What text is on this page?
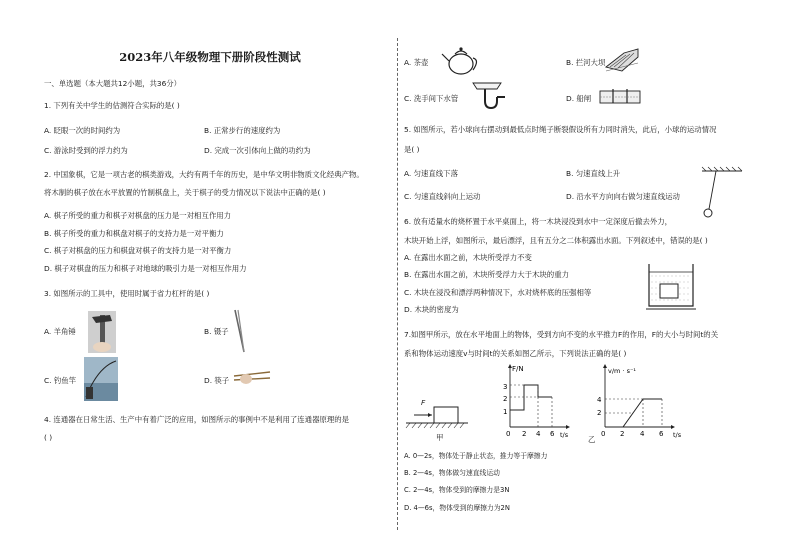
2023年八年级物理下册阶段性测试
一、单选题（本大题共12小题，共36分）
1. 下列有关中学生的估测符合实际的是( )
A. 眨眼一次的时间约为	B. 正常步行的速度约为
C. 游泳时受到的浮力约为	D. 完成一次引体向上做的功约为
2. 中国象棋，它是一项古老的棋类游戏，大约有两千年的历史，是中华文明非物质文化经典产物。
将木制的棋子放在水平放置的竹制棋盘上，关于棋子的受力情况以下说法中正确的是( )
A. 棋子所受的重力和棋子对棋盘的压力是一对相互作用力
B. 棋子所受的重力和棋盘对棋子的支持力是一对平衡力
C. 棋子对棋盘的压力和棋盘对棋子的支持力是一对平衡力
D. 棋子对棋盘的压力和棋子对地球的吸引力是一对相互作用力
3. 如图所示的工具中，使用时属于省力杠杆的是( )
A. 羊角锤	B. 镊子
C. 钓鱼竿	D. 筷子
4. 连通器在日常生活、生产中有着广泛的应用，如图所示的事例中不是利用了连通器原理的是
( )
A. 茶壶	B. 拦河大坝
C. 洗手间下水管	D. 船闸
5. 如图所示，若小球向右摆动到最低点时绳子断裂假设所有力同时消失，此后，小球的运动情况
是( )
A. 匀速直线下落	B. 匀速直线上升
C. 匀速直线斜向上运动	D. 沿水平方向向右做匀速直线运动
6. 放有适量水的烧杯置于水平桌面上，将一木块浸没到水中一定深度后撤去外力，
木块开始上浮，如图所示，最后漂浮，且有五分之二体积露出水面。下列叙述中，错误的是( )
A. 在露出水面之前，木块所受浮力不变
B. 在露出水面之前，木块所受浮力大于木块的重力
C. 木块在浸没和漂浮两种情况下，水对烧杯底的压强相等
D. 木块的密度为
7.如图甲所示，放在水平地面上的物体，受到方向不变的水平推力F的作用，F的大小与时间t的关
系和物体运动速度v与时间t的关系如图乙所示，下列说法正确的是( )
F
甲
F/N
t/s
3
2
1
0 2 4 6
v/m · s⁻¹
t/s
4
2
0 2 4 6
乙
A. 0—2s，物体处于静止状态，推力等于摩擦力
B. 2—4s，物体做匀速直线运动
C. 2—4s，物体受到的摩擦力是3N
D. 4—6s，物体受到的摩擦力为2N
